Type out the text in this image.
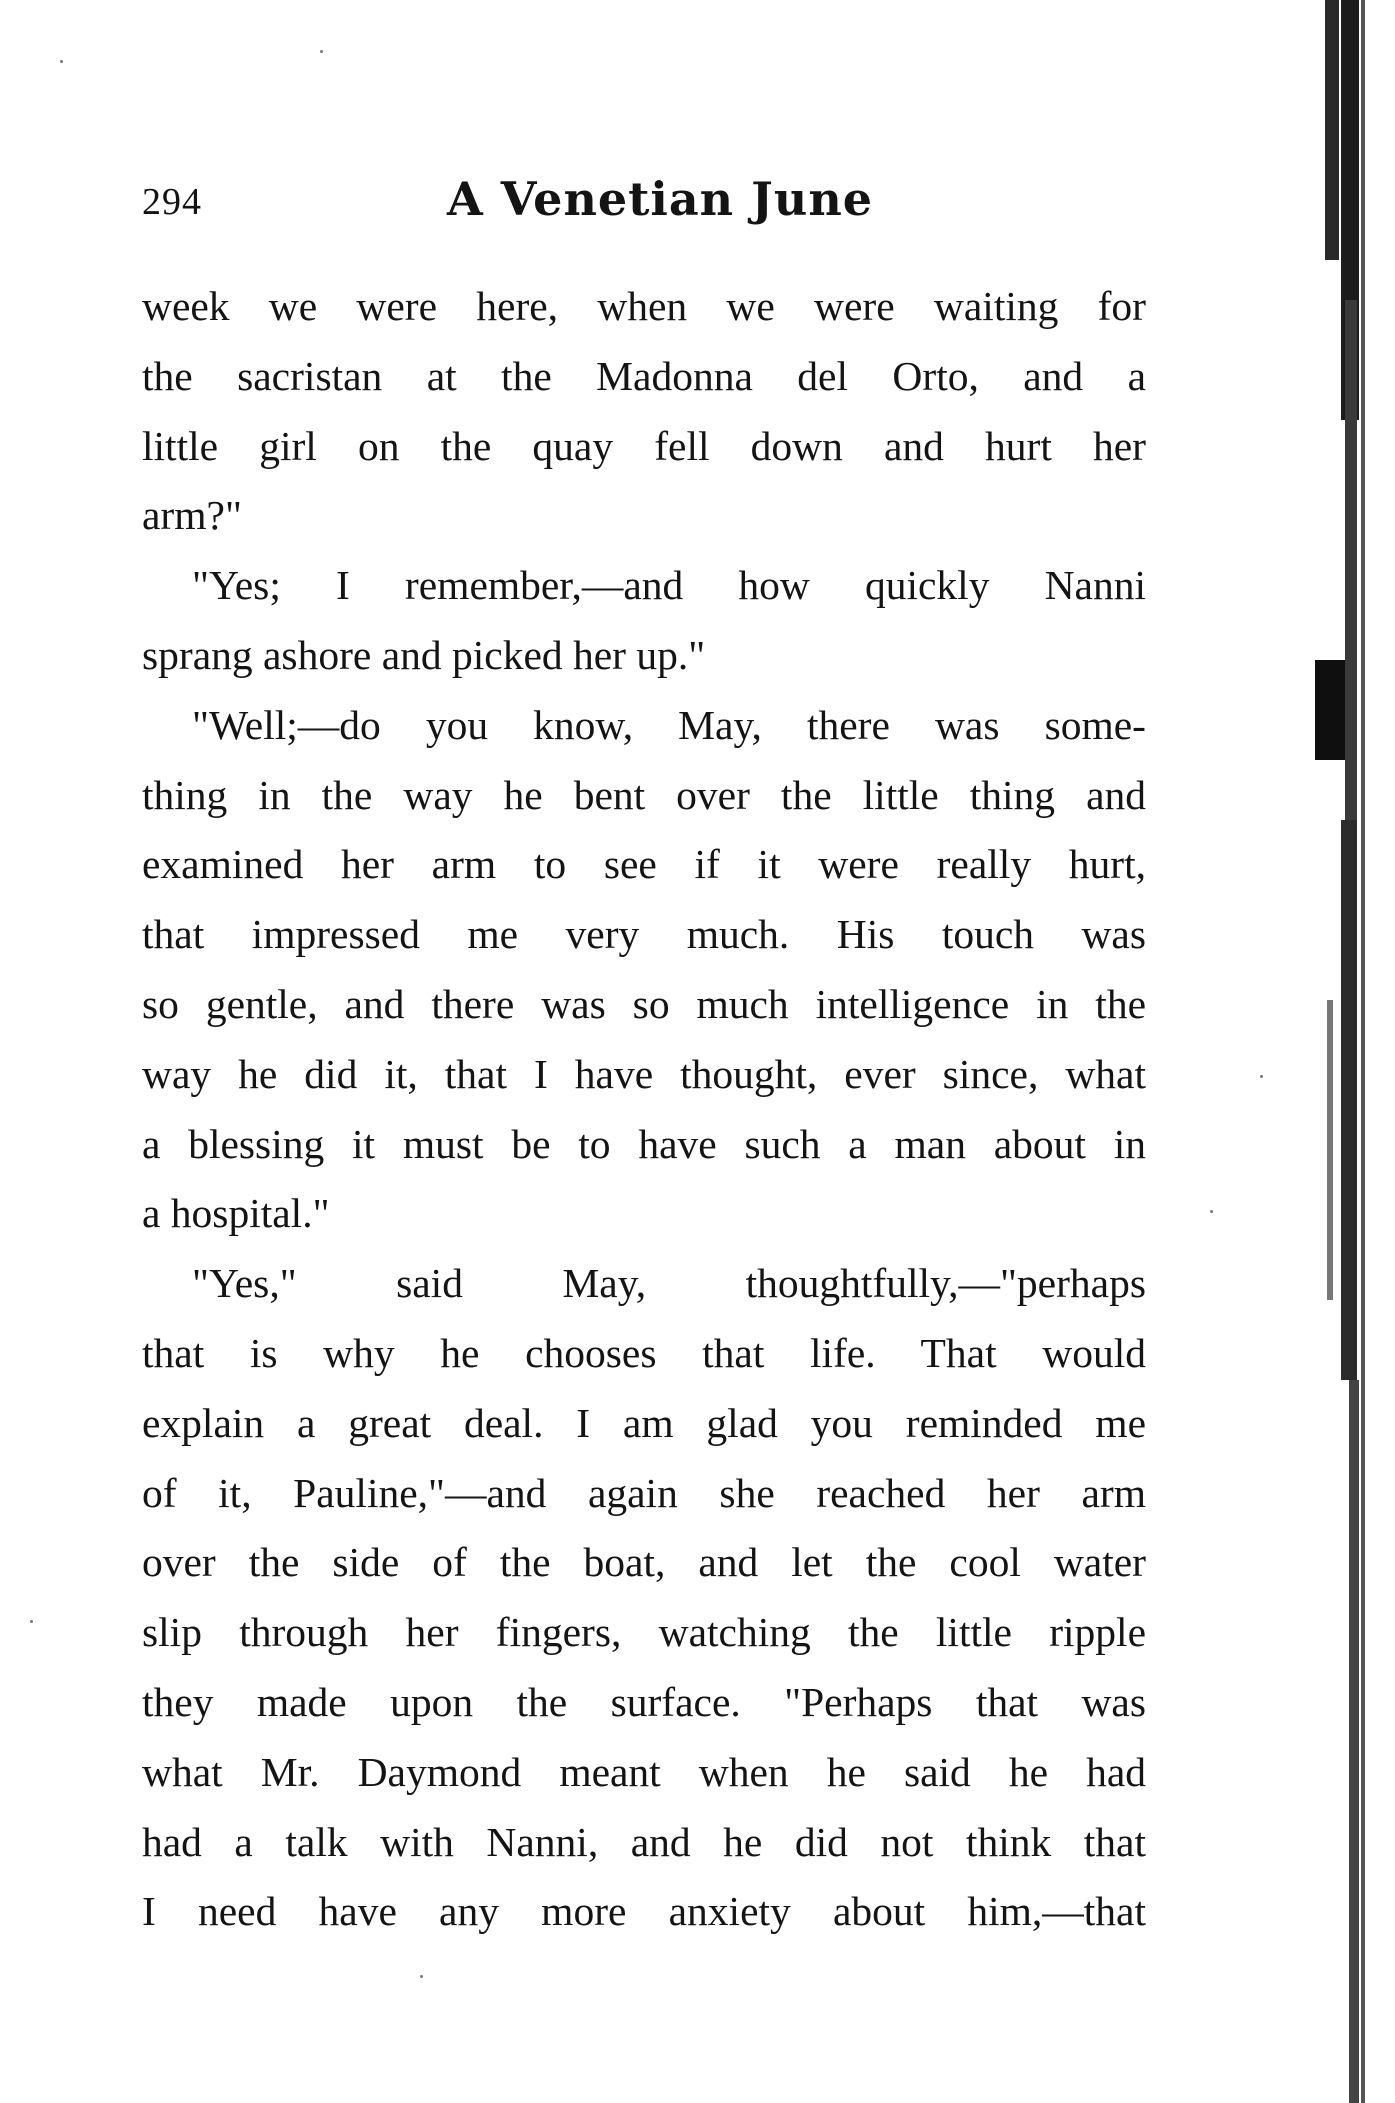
294	A Venetian June
week we were here, when we were waiting for
the sacristan at the Madonna del Orto, and a
little girl on the quay fell down and hurt her
arm?"
"Yes; I remember,—and how quickly Nanni
sprang ashore and picked her up."
"Well;—do you know, May, there was some-
thing in the way he bent over the little thing and
examined her arm to see if it were really hurt,
that impressed me very much. His touch was
so gentle, and there was so much intelligence in the
way he did it, that I have thought, ever since, what
a blessing it must be to have such a man about in
a hospital."
"Yes," said May, thoughtfully,—"perhaps
that is why he chooses that life. That would
explain a great deal. I am glad you reminded me
of it, Pauline,"—and again she reached her arm
over the side of the boat, and let the cool water
slip through her fingers, watching the little ripple
they made upon the surface. "Perhaps that was
what Mr. Daymond meant when he said he had
had a talk with Nanni, and he did not think that
I need have any more anxiety about him,—that
